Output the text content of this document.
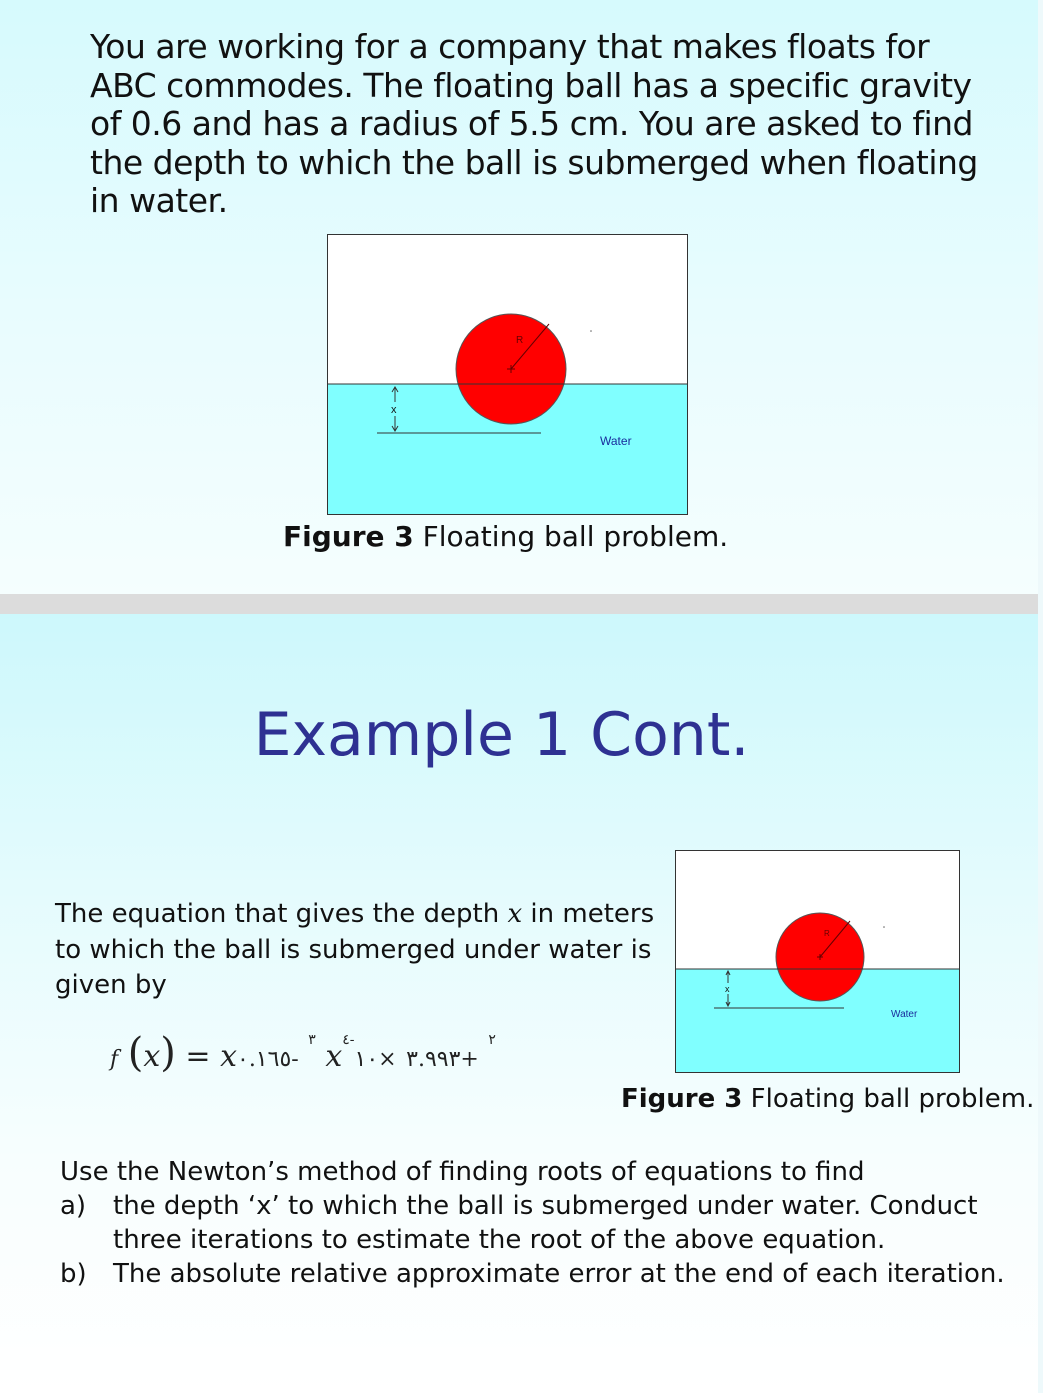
You are working for a company that makes floats for ABC commodes. The floating ball has a specific gravity of 0.6 and has a radius of 5.5 cm. You are asked to find the depth to which the ball is submerged when floating in water.
R
x
Water
Figure 3 Floating ball problem.
Example 1 Cont.
The equation that gives the depth x in meters to which the ball is submerged under water is given by
f (x) = x	$^٣$ -٠.١٦٥ x	$^٢$ +٣.٩٩٣ $\times ١٠^{-٤}$
R
x
Water
Figure 3 Floating ball problem.
Use the Newton’s method of finding roots of equations to find
a) the depth ‘x’ to which the ball is submerged under water. Conduct three iterations to estimate the root of the above equation.
b) The absolute relative approximate error at the end of each iteration.
